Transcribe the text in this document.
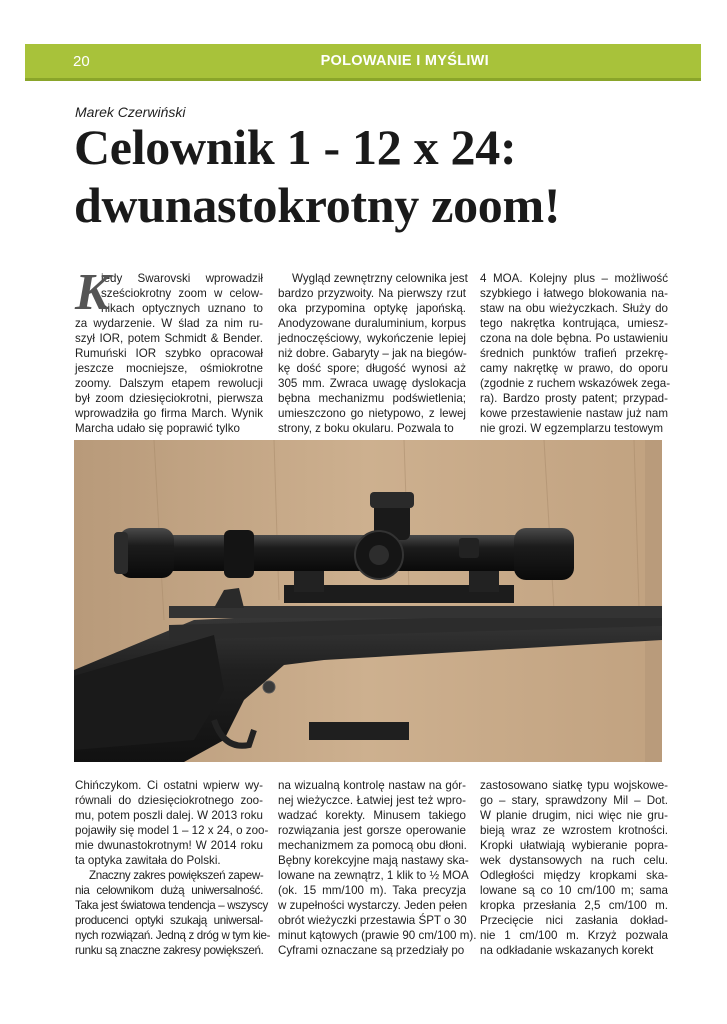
20	POLOWANIE I MYŚLIWI
Marek Czerwiński
Celownik 1 - 12 x 24:
dwunastokrotny zoom!
K
iedy Swarovski wprowadził
sześciokrotny zoom w celow-
nikach optycznych uznano to
za wydarzenie. W ślad za nim ru-
szył IOR, potem Schmidt & Bender.
Rumuński IOR szybko opracował
jeszcze mocniejsze, ośmiokrotne
zoomy. Dalszym etapem rewolucji
był zoom dziesięciokrotni, pierwsza
wprowadziła go firma March. Wynik
Marcha udało się poprawić tylko
Wygląd zewnętrzny celownika jest
bardzo przyzwoity. Na pierwszy rzut
oka przypomina optykę japońską.
Anodyzowane duraluminium, korpus
jednoczęściowy, wykończenie lepiej
niż dobre. Gabaryty – jak na biegów-
kę dość spore; długość wynosi aż
305 mm. Zwraca uwagę dyslokacja
bębna mechanizmu podświetlenia;
umieszczono go nietypowo, z lewej
strony, z boku okularu. Pozwala to
4 MOA. Kolejny plus – możliwość
szybkiego i łatwego blokowania na-
staw na obu wieżyczkach. Służy do
tego nakrętka kontrująca, umiesz-
czona na dole bębna. Po ustawieniu
średnich punktów trafień przekrę-
camy nakrętkę w prawo, do oporu
(zgodnie z ruchem wskazówek zega-
ra). Bardzo prosty patent; przypad-
kowe przestawienie nastaw już nam
nie grozi. W egzemplarzu testowym
Chińczykom. Ci ostatni wpierw wy-
równali do dziesięciokrotnego zoo-
mu, potem poszli dalej. W 2013 roku
pojawiły się model 1 – 12 x 24, o zoo-
mie dwunastokrotnym! W 2014 roku
ta optyka zawitała do Polski.
Znaczny zakres powiększeń zapew-
nia celownikom dużą uniwersalność.
Taka jest światowa tendencja – wszyscy
producenci optyki szukają uniwersal-
nych rozwiązań. Jedną z dróg w tym kie-
runku są znaczne zakresy powiększeń.
na wizualną kontrolę nastaw na gór-
nej wieżyczce. Łatwiej jest też wpro-
wadzać korekty. Minusem takiego
rozwiązania jest gorsze operowanie
mechanizmem za pomocą obu dłoni.
Bębny korekcyjne mają nastawy ska-
lowane na zewnątrz, 1 klik to ½ MOA
(ok. 15 mm/100 m). Taka precyzja
w zupełności wystarczy. Jeden pełen
obrót wieżyczki przestawia ŚPT o 30
minut kątowych (prawie 90 cm/100 m).
Cyframi oznaczane są przedziały po
zastosowano siatkę typu wojskowe-
go – stary, sprawdzony Mil – Dot.
W planie drugim, nici więc nie gru-
bieją wraz ze wzrostem krotności.
Kropki ułatwiają wybieranie popra-
wek dystansowych na ruch celu.
Odległości między kropkami ska-
lowane są co 10 cm/100 m; sama
kropka przesłania 2,5 cm/100 m.
Przecięcie nici zasłania dokład-
nie 1 cm/100 m. Krzyż pozwala
na odkładanie wskazanych korekt
